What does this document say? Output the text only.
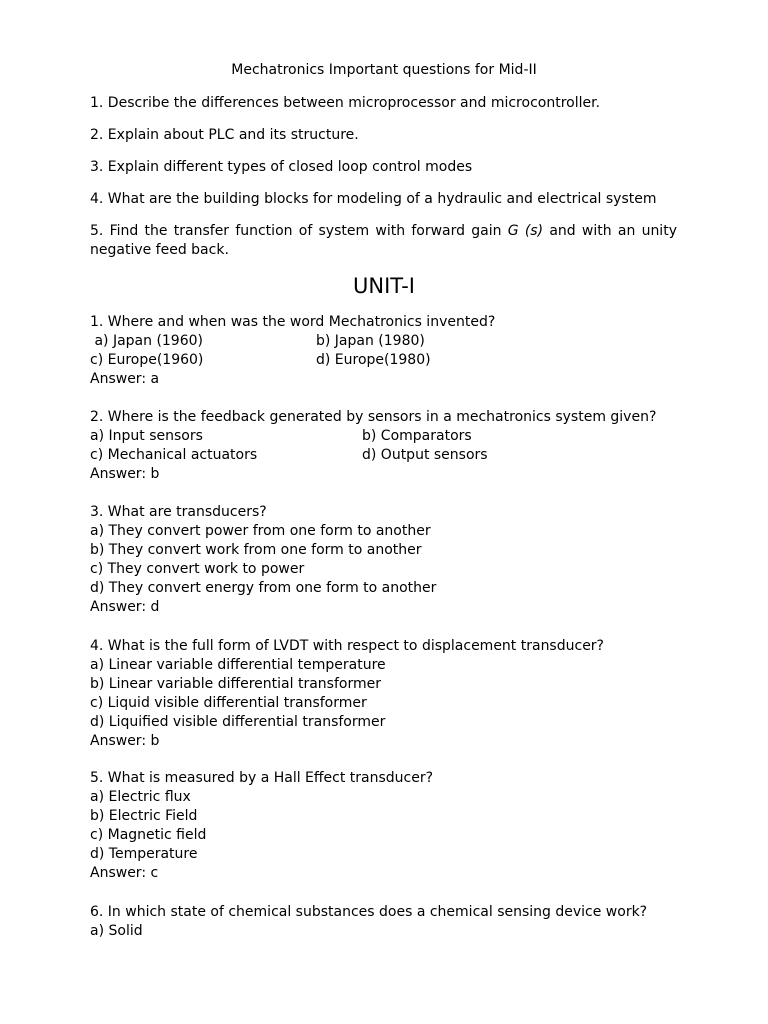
Mechatronics Important questions for Mid-II
1. Describe the differences between microprocessor and microcontroller.
2. Explain about PLC and its structure.
3. Explain different types of closed loop control modes
4. What are the building blocks for modeling of a hydraulic and electrical system
5. Find the transfer function of system with forward gain G (s) and with an unity negative feed back.
UNIT-I
1. Where and when was the word Mechatronics invented?
a) Japan (1960)	b) Japan (1980)
c) Europe(1960)	d) Europe(1980)
Answer: a
2. Where is the feedback generated by sensors in a mechatronics system given?
a) Input sensors	b) Comparators
c) Mechanical actuators	d) Output sensors
Answer: b
3. What are transducers?
a) They convert power from one form to another
b) They convert work from one form to another
c) They convert work to power
d) They convert energy from one form to another
Answer: d
4. What is the full form of LVDT with respect to displacement transducer?
a) Linear variable differential temperature
b) Linear variable differential transformer
c) Liquid visible differential transformer
d) Liquified visible differential transformer
Answer: b
5. What is measured by a Hall Effect transducer?
a) Electric flux
b) Electric Field
c) Magnetic field
d) Temperature
Answer: c
6. In which state of chemical substances does a chemical sensing device work?
a) Solid
